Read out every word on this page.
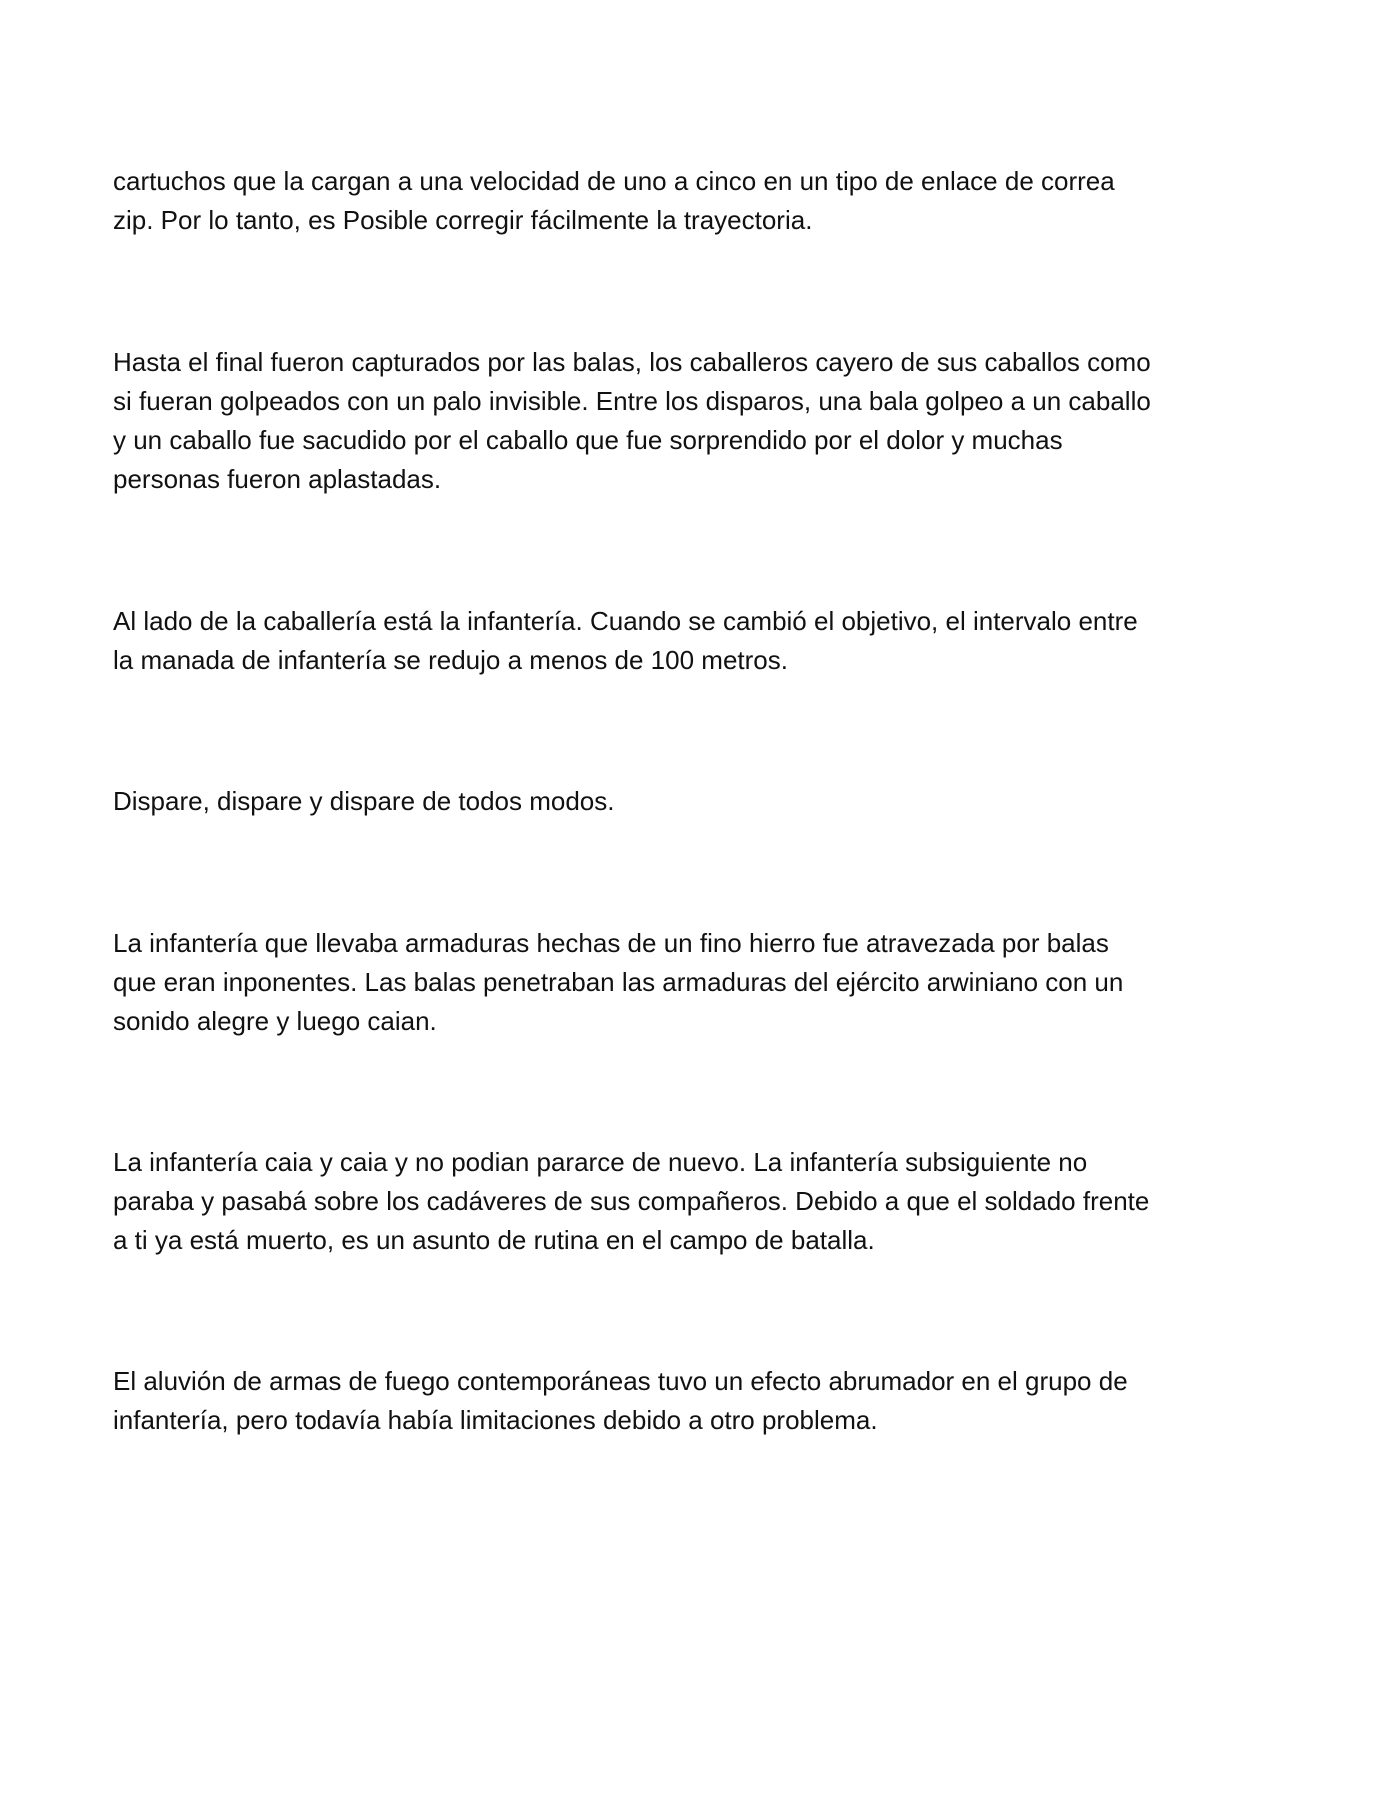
cartuchos que la cargan a una velocidad de uno a cinco en un tipo de enlace de correa
zip. Por lo tanto, es Posible corregir fácilmente la trayectoria.

Hasta el final fueron capturados por las balas, los caballeros cayero de sus caballos como
si fueran golpeados con un palo invisible. Entre los disparos, una bala golpeo a un caballo
y un caballo fue sacudido por el caballo que fue sorprendido por el dolor y muchas
personas fueron aplastadas.

Al lado de la caballería está la infantería. Cuando se cambió el objetivo, el intervalo entre
la manada de infantería se redujo a menos de 100 metros.

Dispare, dispare y dispare de todos modos.

La infantería que llevaba armaduras hechas de un fino hierro fue atravezada por balas
que eran inponentes. Las balas penetraban las armaduras del ejército arwiniano con un
sonido alegre y luego caian.

La infantería caia y caia y no podian pararce de nuevo. La infantería subsiguiente no
paraba y pasabá sobre los cadáveres de sus compañeros. Debido a que el soldado frente
a ti ya está muerto, es un asunto de rutina en el campo de batalla.

El aluvión de armas de fuego contemporáneas tuvo un efecto abrumador en el grupo de
infantería, pero todavía había limitaciones debido a otro problema.
